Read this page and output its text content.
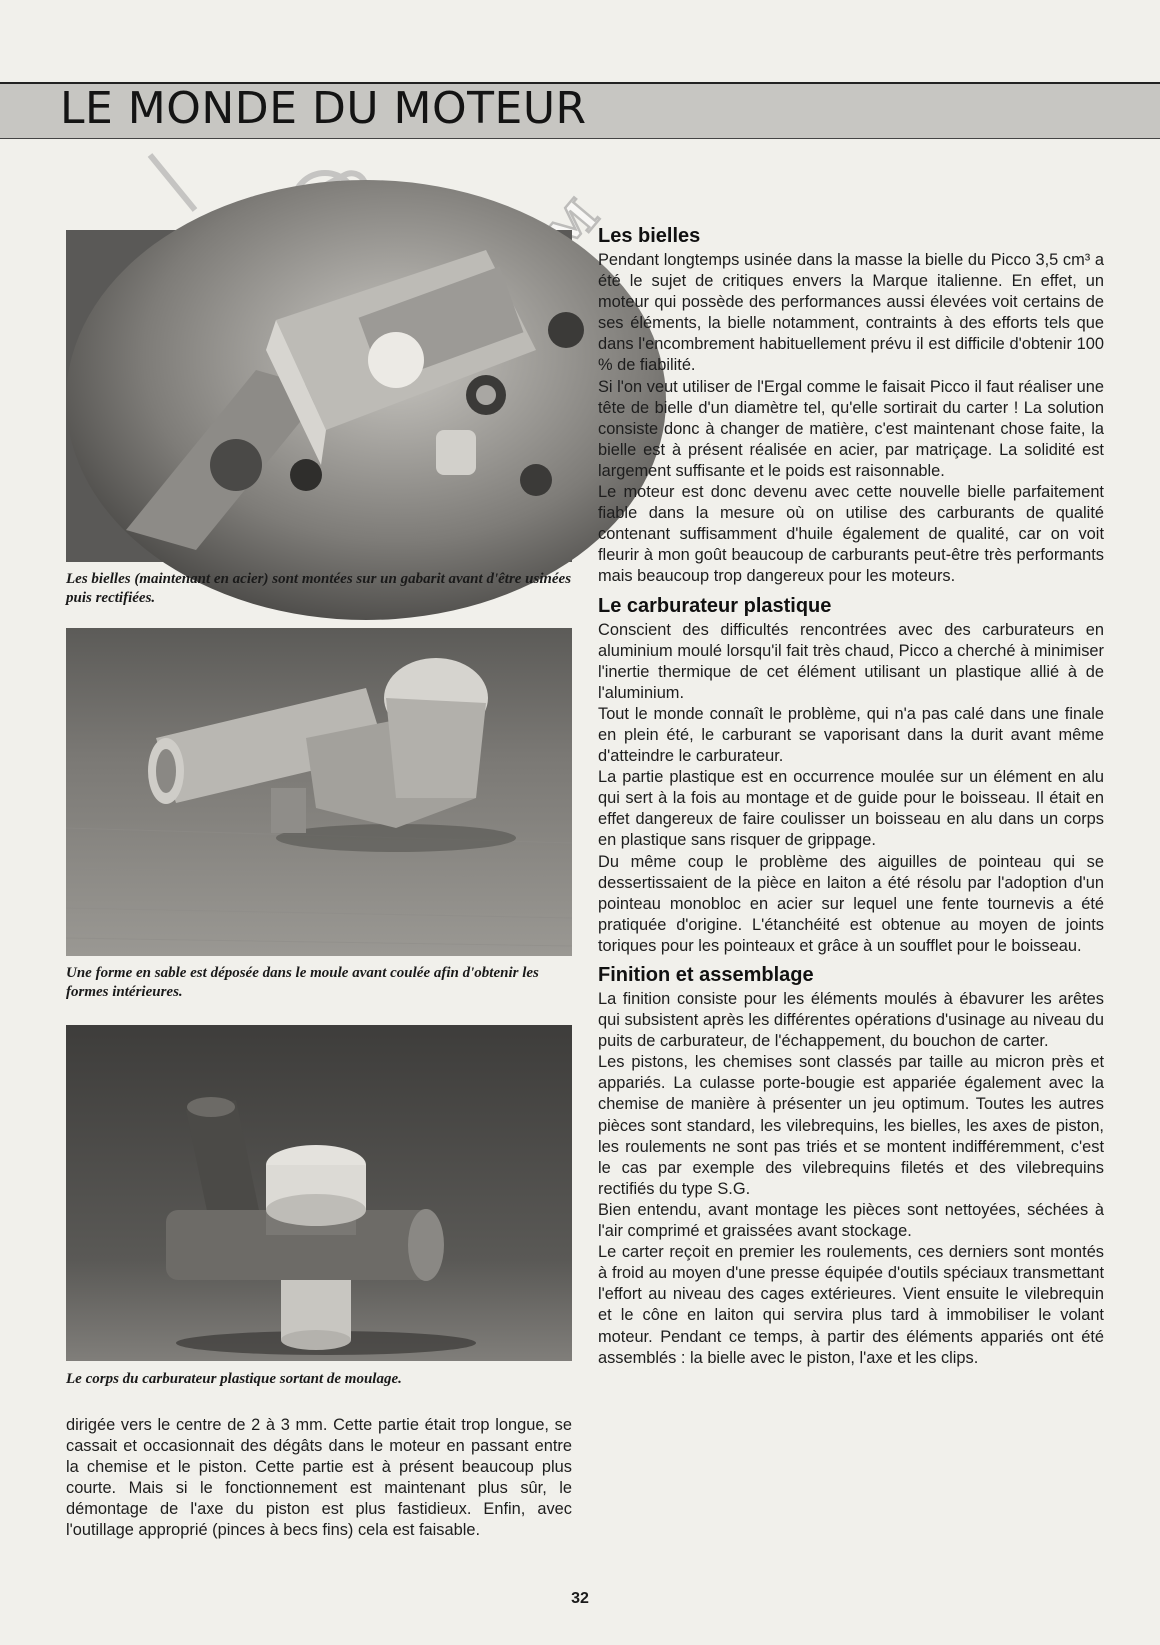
LE MONDE DU MOTEUR
Les bielles (maintenant en acier) sont montées sur un gabarit avant d'être usinées puis rectifiées.
Une forme en sable est déposée dans le moule avant coulée afin d'obtenir les formes intérieures.
Le corps du carburateur plastique sortant de moulage.

dirigée vers le centre de 2 à 3 mm. Cette partie était trop longue, se cassait et occasionnait des dégâts dans le moteur en passant entre la chemise et le piston. Cette partie est à présent beaucoup plus courte. Mais si le fonctionnement est maintenant plus sûr, le démontage de l'axe du piston est plus fastidieux. Enfin, avec l'outillage approprié (pinces à becs fins) cela est faisable.

Les bielles

Pendant longtemps usinée dans la masse la bielle du Picco 3,5 cm³ a été le sujet de critiques envers la Marque italienne. En effet, un moteur qui possède des performances aussi élevées voit certains de ses éléments, la bielle notamment, contraints à des efforts tels que dans l'encombrement habituellement prévu il est difficile d'obtenir 100 % de fiabilité.

Si l'on veut utiliser de l'Ergal comme le faisait Picco il faut réaliser une tête de bielle d'un diamètre tel, qu'elle sortirait du carter ! La solution consiste donc à changer de matière, c'est maintenant chose faite, la bielle est à présent réalisée en acier, par matriçage. La solidité est largement suffisante et le poids est raisonnable.

Le moteur est donc devenu avec cette nouvelle bielle parfaitement fiable dans la mesure où on utilise des carburants de qualité contenant suffisamment d'huile également de qualité, car on voit fleurir à mon goût beaucoup de carburants peut-être très performants mais beaucoup trop dangereux pour les moteurs.

Le carburateur plastique

Conscient des difficultés rencontrées avec des carburateurs en aluminium moulé lorsqu'il fait très chaud, Picco a cherché à minimiser l'inertie thermique de cet élément utilisant un plastique allié à de l'aluminium.

Tout le monde connaît le problème, qui n'a pas calé dans une finale en plein été, le carburant se vaporisant dans la durit avant même d'atteindre le carburateur.

La partie plastique est en occurrence moulée sur un élément en alu qui sert à la fois au montage et de guide pour le boisseau. Il était en effet dangereux de faire coulisser un boisseau en alu dans un corps en plastique sans risquer de grippage.

Du même coup le problème des aiguilles de pointeau qui se dessertissaient de la pièce en laiton a été résolu par l'adoption d'un pointeau monobloc en acier sur lequel une fente tournevis a été pratiquée d'origine. L'étanchéité est obtenue au moyen de joints toriques pour les pointeaux et grâce à un soufflet pour le boisseau.

Finition et assemblage

La finition consiste pour les éléments moulés à ébavurer les arêtes qui subsistent après les différentes opérations d'usinage au niveau du puits de carburateur, de l'échappement, du bouchon de carter.

Les pistons, les chemises sont classés par taille au micron près et appariés. La culasse porte-bougie est appariée également avec la chemise de manière à présenter un jeu optimum. Toutes les autres pièces sont standard, les vilebrequins, les bielles, les axes de piston, les roulements ne sont pas triés et se montent indifféremment, c'est le cas par exemple des vilebrequins filetés et des vilebrequins rectifiés du type S.G.

Bien entendu, avant montage les pièces sont nettoyées, séchées à l'air comprimé et graissées avant stockage.

Le carter reçoit en premier les roulements, ces derniers sont montés à froid au moyen d'une presse équipée d'outils spéciaux transmettant l'effort au niveau des cages extérieures. Vient ensuite le vilebrequin et le cône en laiton qui servira plus tard à immobiliser le volant moteur. Pendant ce temps, à partir des éléments appariés ont été assemblés : la bielle avec le piston, l'axe et les clips.

32
